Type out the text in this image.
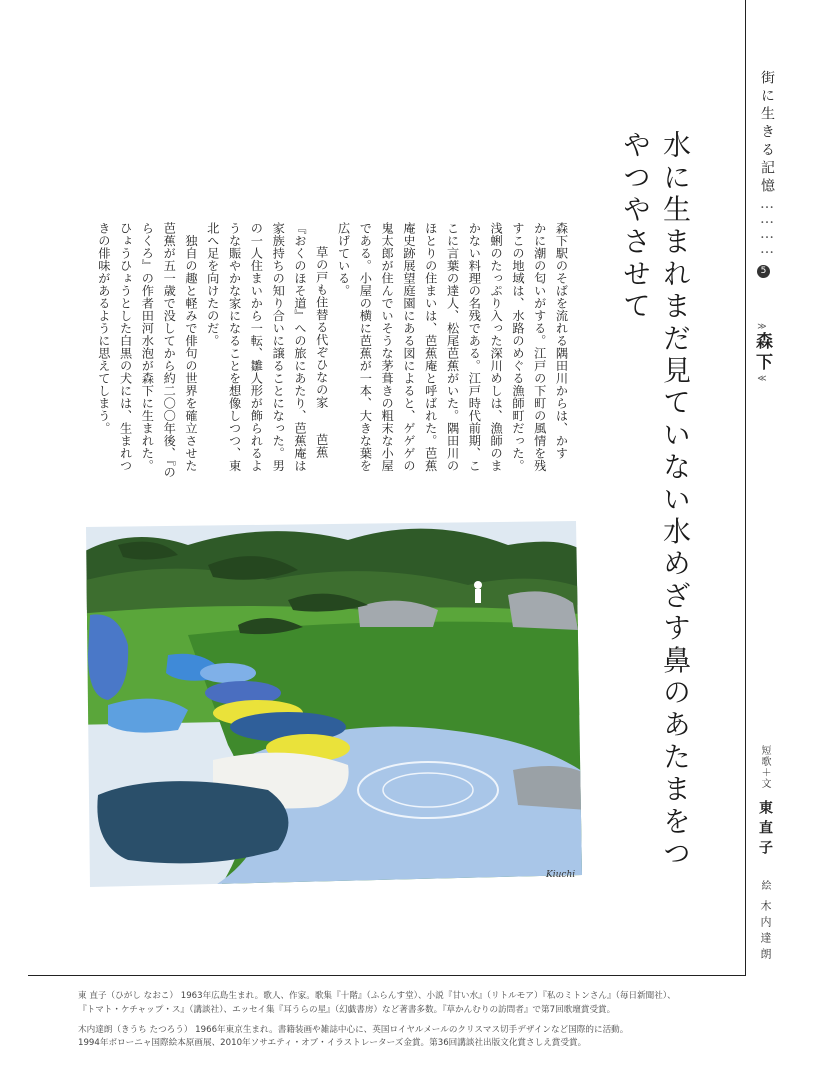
街に生きる記憶…………
5
≫森下≪
短歌＋文
東直子
絵
木内達朗
水に生まれまだ見ていない水めざす鼻のあたまをつやつやさせて

森下駅のそばを流れる隅田川からは、かす

かに潮の匂いがする。江戸の下町の風情を残

すこの地域は、水路のめぐる漁師町だった。

浅蜊のたっぷり入った深川めしは、漁師のま

かない料理の名残である。江戸時代前期、こ

こに言葉の達人、松尾芭蕉がいた。隅田川の

ほとりの住まいは、芭蕉庵と呼ばれた。芭蕉

庵史跡展望庭園にある図によると、ゲゲゲの

鬼太郎が住んでいそうな茅葺きの粗末な小屋

である。小屋の横に芭蕉が一本、大きな葉を

広げている。

草の戸も住替る代ぞひなの家　　芭蕉

『おくのほそ道』への旅にあたり、芭蕉庵は

家族持ちの知り合いに譲ることになった。男

の一人住まいから一転、雛人形が飾られるよ

うな賑やかな家になることを想像しつつ、東

北へ足を向けたのだ。

　独自の趣と軽みで俳句の世界を確立させた

芭蕉が五一歳で没してから約二〇〇年後、『の

らくろ』の作者田河水泡が森下に生まれた。

ひょうひょうとした白黒の犬には、生まれつ

きの俳味があるように思えてしまう。

Kiuchi

東 直子（ひがし なおこ） 1963年広島生まれ。歌人、作家。歌集『十階』（ふらんす堂）、小説『甘い水』（リトルモア）『私のミトンさん』（毎日新聞社）、

『トマト・ケチャップ・ス』（講談社）、エッセイ集『耳うらの星』（幻戯書房）など著書多数。『草かんむりの訪問者』で第7回歌壇賞受賞。

木内達朗（きうち たつろう） 1966年東京生まれ。書籍装画や雑誌中心に、英国ロイヤルメールのクリスマス切手デザインなど国際的に活動。

1994年ボローニャ国際絵本原画展、2010年ソサエティ・オブ・イラストレーターズ金賞。第36回講談社出版文化賞さしえ賞受賞。
